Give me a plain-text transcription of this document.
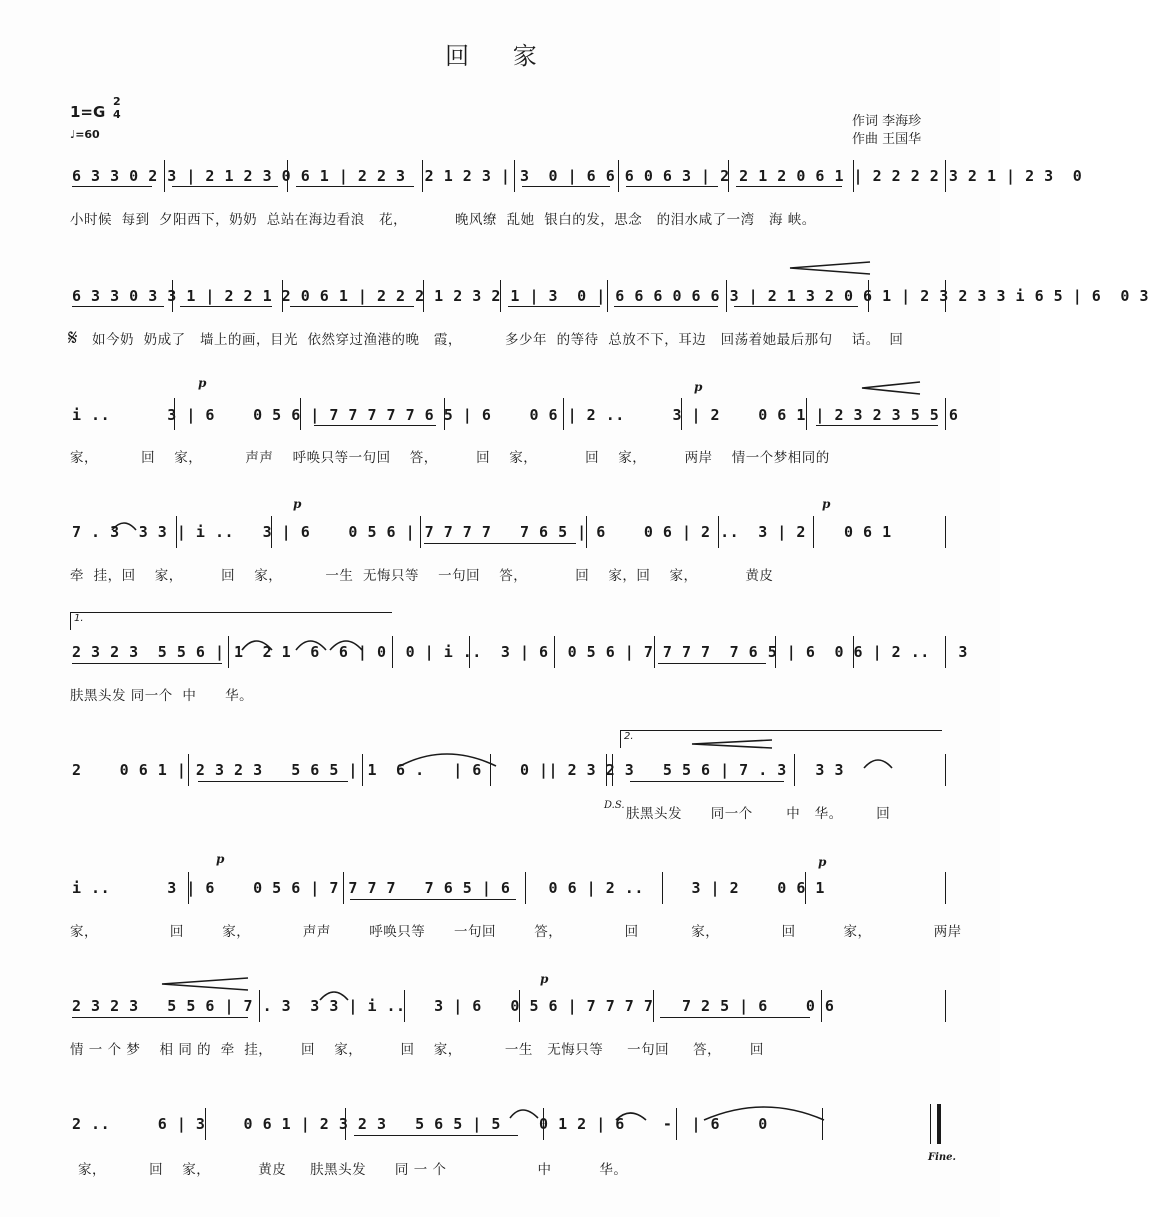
回 家
1=G
2
4
♩=60
作词 李海珍
作曲 王国华
6 3 3 0 2 3 | 2 1 2 3 0 6 1 | 2 2 3  2 1 2 3 | 3  0 | 6 6 6 0 6 3 | 2 2 1 2 0 6 1 | 2 2 2 2 3 2 1 | 2 3  0
小时候  每到  夕阳西下，奶奶  总站在海边看浪   花，          晚风缭  乱她  银白的发，思念   的泪水咸了一湾   海 峡。
𝄋
6 3 3 0 3 3 1 | 2 2 1 2 0 6 1 | 2 2 2 1 2 3 2 1 | 3  0 | 6 6 6 0 6 6 3 | 2 1 3 2 0 6 1 | 2 3 2 3 3 i 6 5 | 6  0 3
如今奶  奶成了   墙上的画，目光  依然穿过渔港的晚   霞，         多少年  的等待  总放不下，耳边   回荡着她最后那句    话。  回
p	p
i ..      3 | 6    0 5 6 | 7 7 7 7 7 6 5 | 6    0 6 | 2 ..     3 | 2    0 6 1 | 2 3 2 3 5 5 6
家，         回    家，         声声    呼唤只等一句回    答，        回    家，          回    家，        两岸    情一个梦相同的
p	p
7 . 3  3 3 | i ..   3 | 6    0 5 6 | 7 7 7 7   7 6 5 | 6    0 6 | 2 ..  3 | 2    0 6 1
牵  挂，回    家，        回    家，         一生  无悔只等    一句回    答，          回    家，回    家，          黄皮
1.
2 3 2 3  5 5 6 | 1  2 1  6  6 | 0  0 | i ..  3 | 6  0 5 6 | 7 7 7 7  7 6 5 | 6  0 6 | 2 ..   3
肤黑头发 同一个  中      华。
2.
2    0 6 1 | 2 3 2 3   5 6 5 | 1  6 .   | 6    0 || 2 3 2 3   5 5 6 | 7 . 3   3 3
D.S.
肤黑头发      同一个       中   华。       回
p	p
i ..      3 | 6    0 5 6 | 7 7 7 7   7 6 5 | 6    0 6 | 2 ..     3 | 2    0 6 1
家，               回        家，           声声        呼唤只等      一句回        答，             回           家，             回          家，             两岸
p
2 3 2 3   5 5 6 | 7 . 3  3 3 | i ..   3 | 6   0 5 6 | 7 7 7 7   7 2 5 | 6    0 6
情 一 个 梦    相 同 的  牵  挂，      回    家，        回    家，         一生   无悔只等     一句回     答，      回
2 ..     6 | 3    0 6 1 | 2 3 2 3   5 6 5 | 5    0 1 2 | 6    -  | 6    0
家，         回    家，          黄皮     肤黑头发      同 一 个                   中          华。
Fine.
